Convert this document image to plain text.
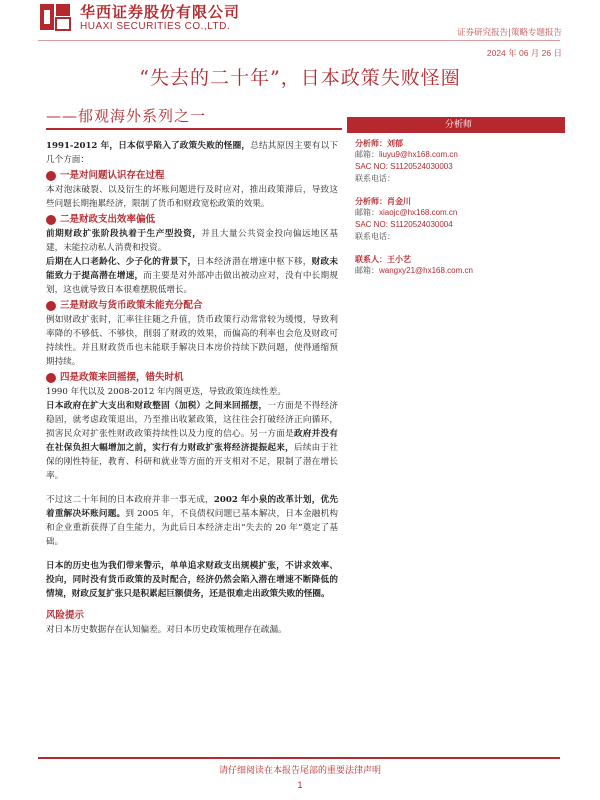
华西证券股份有限公司
HUAXI SECURITIES CO.,LTD.
证券研究报告|策略专题报告
2024 年 06 月 26 日
“失去的二十年”，日本政策失败怪圈
——郁观海外系列之一

1991-2012 年，日本似乎陷入了政策失败的怪圈，总结其原因主要有以下几个方面：

一是对问题认识存在过程

本对泡沫破裂、以及衍生的坏账问题进行及时应对，推出政策滞后，导致这些问题长期拖累经济，限制了货币和财政宽松政策的效果。

二是财政支出效率偏低

前期财政扩张阶段执着于生产型投资，并且大量公共资金投向偏远地区基建，未能拉动私人消费和投资。

后期在人口老龄化、少子化的背景下，日本经济潜在增速中枢下移，财政未能致力于提高潜在增速，而主要是对外部冲击做出被动应对，没有中长期规划，这也就导致日本很难摆脱低增长。

三是财政与货币政策未能充分配合

例如财政扩张时，汇率往往随之升值，货币政策行动常常较为缓慢，导致利率降的不够低、不够快，削弱了财政的效果，而偏高的利率也会危及财政可持续性。并且财政货币也未能联手解决日本房价持续下跌问题，使得通缩预期持续。

四是政策来回摇摆，错失时机

1990 年代以及 2008-2012 年内阁更迭，导致政策连续性差。

日本政府在扩大支出和财政整固（加税）之间来回摇摆，一方面是不得经济稳固，就考虑政策退出，乃至推出收紧政策，这往往会打破经济正向循环，损害民众对扩张性财政政策持续性以及力度的信心。另一方面是政府并没有在社保负担大幅增加之前，实行有力财政扩张将经济提振起来，后续由于社保的刚性特征，教育、科研和就业等方面的开支相对不足，限制了潜在增长率。

不过这二十年间的日本政府并非一事无成，2002 年小泉的改革计划，优先着重解决坏账问题。到 2005 年，不良债权问题已基本解决，日本金融机构和企业重新获得了自生能力，为此后日本经济走出“失去的 20 年”奠定了基础。

日本的历史也为我们带来警示，单单追求财政支出规模扩张，不讲求效率、投向，同时没有货币政策的及时配合，经济仍然会陷入潜在增速不断降低的情境，财政反复扩张只是积累起巨额债务，还是很难走出政策失败的怪圈。

风险提示

对日本历史数据存在认知偏差。对日本历史政策梳理存在疏漏。

分析师
分析师：刘郁
邮箱：liuyu9@hx168.com.cn
SAC NO: S1120524030003
联系电话：
分析师：肖金川
邮箱：xiaojc@hx168.com.cn
SAC NO: S1120524030004
联系电话：
联系人：王小艺
邮箱：wangxy21@hx168.com.cn
请仔细阅读在本报告尾部的重要法律声明
1
